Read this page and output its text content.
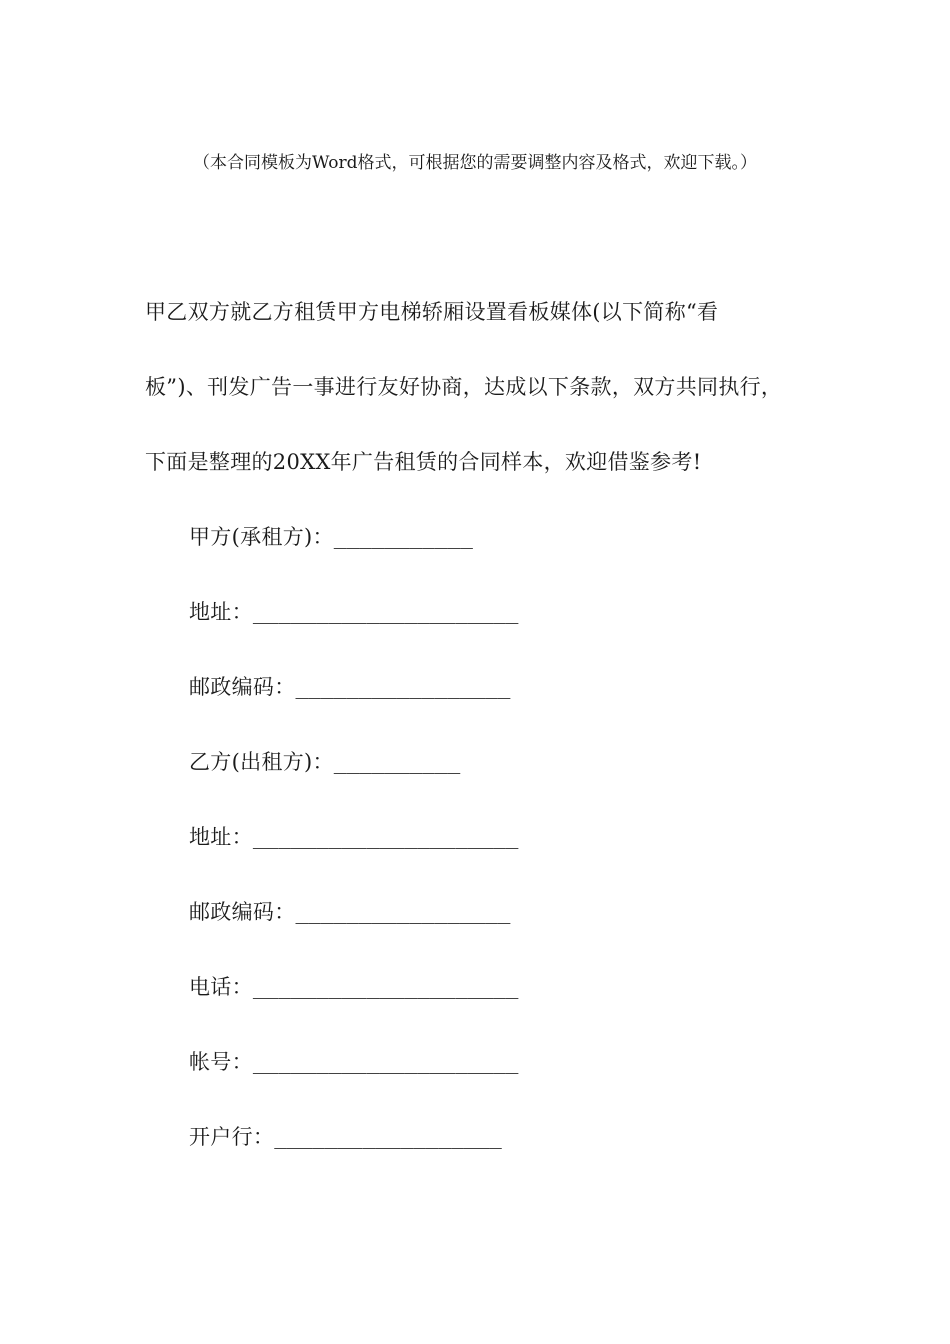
（本合同模板为Word格式，可根据您的需要调整内容及格式，欢迎下载。）
甲乙双方就乙方租赁甲方电梯轿厢设置看板媒体(以下简称“看
板”)、刊发广告一事进行友好协商，达成以下条款，双方共同执行，
下面是整理的20XX年广告租赁的合同样本，欢迎借鉴参考!
甲方(承租方)：___________
地址：_____________________
邮政编码：_________________
乙方(出租方)：__________
地址：_____________________
邮政编码：_________________
电话：_____________________
帐号：_____________________
开户行：__________________
